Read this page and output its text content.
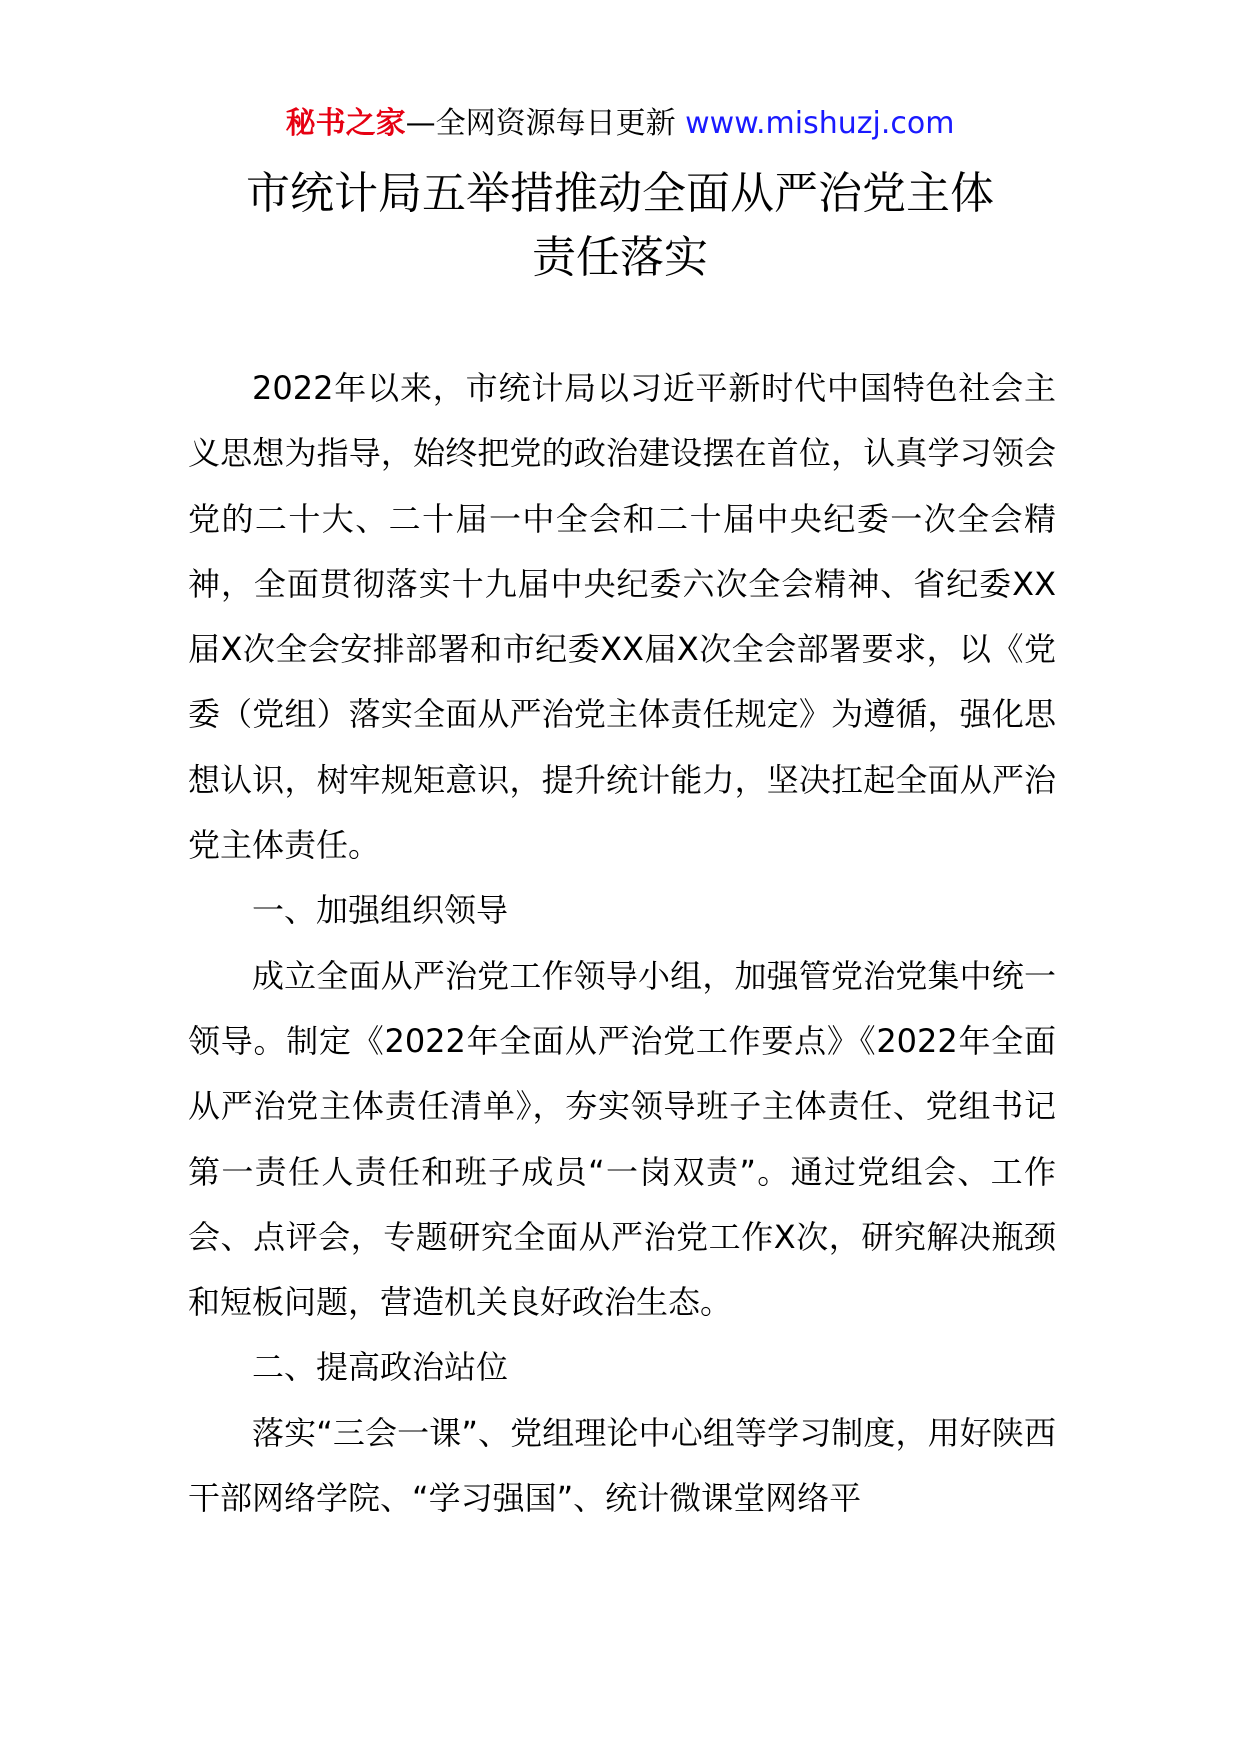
秘书之家—全网资源每日更新 www.mishuzj.com
市统计局五举措推动全面从严治党主体
责任落实

2022年以来，市统计局以习近平新时代中国特色社会主义思想为指导，始终把党的政治建设摆在首位，认真学习领会党的二十大、二十届一中全会和二十届中央纪委一次全会精神，全面贯彻落实十九届中央纪委六次全会精神、省纪委XX届X次全会安排部署和市纪委XX届X次全会部署要求，以《党委（党组）落实全面从严治党主体责任规定》为遵循，强化思想认识，树牢规矩意识，提升统计能力，坚决扛起全面从严治党主体责任。

一、加强组织领导

成立全面从严治党工作领导小组，加强管党治党集中统一领导。制定《2022年全面从严治党工作要点》《2022年全面从严治党主体责任清单》，夯实领导班子主体责任、党组书记第一责任人责任和班子成员“一岗双责”。通过党组会、工作会、点评会，专题研究全面从严治党工作X次，研究解决瓶颈和短板问题，营造机关良好政治生态。

二、提高政治站位

落实“三会一课”、党组理论中心组等学习制度，用好陕西干部网络学院、“学习强国”、统计微课堂网络平
